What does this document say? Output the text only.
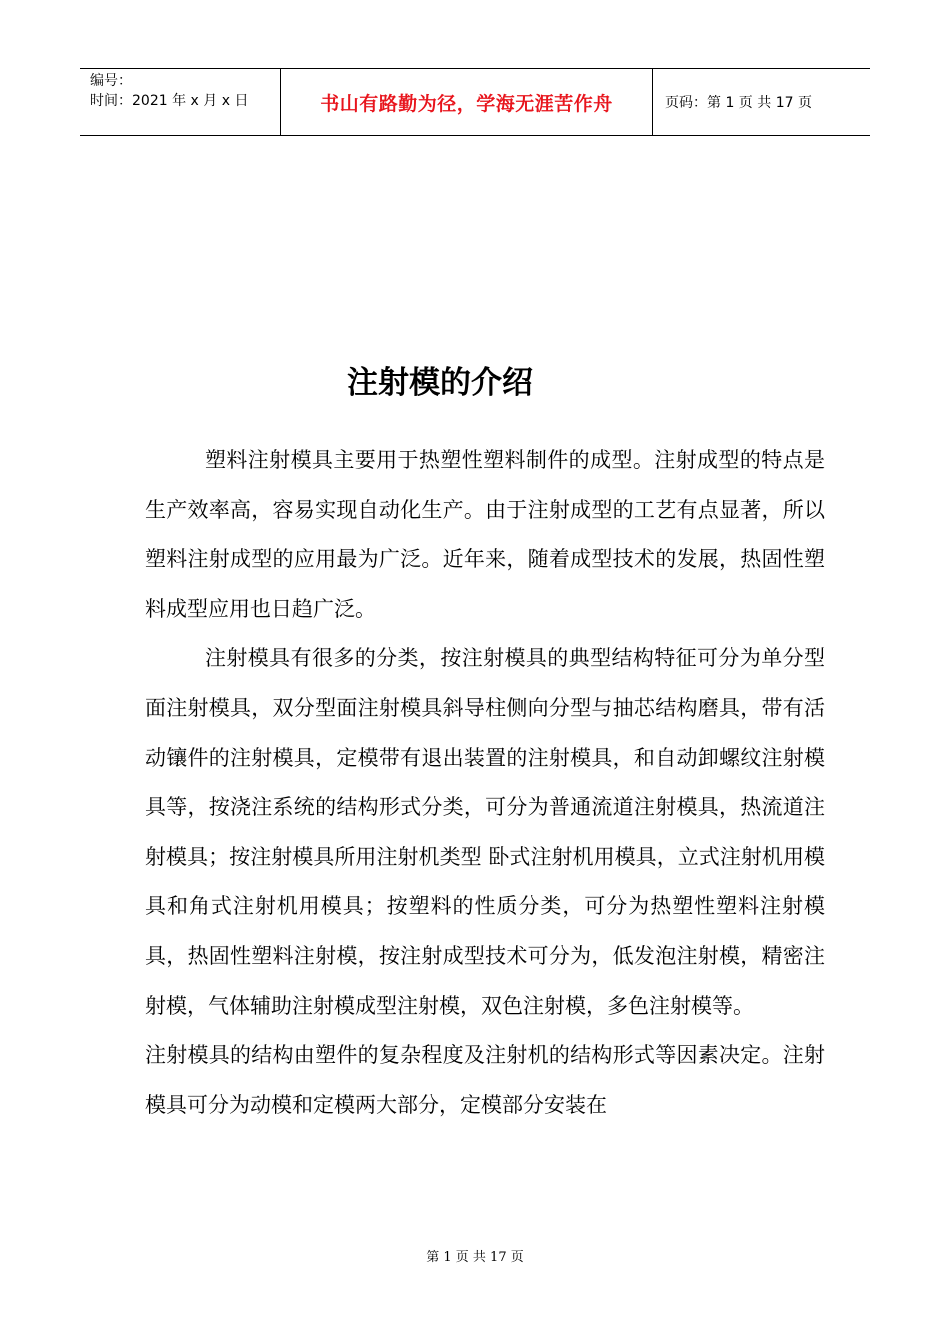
编号：
时间：2021 年 x 月 x 日	书山有路勤为径，学海无涯苦作舟	页码：第 1 页 共 17 页
注射模的介绍

塑料注射模具主要用于热塑性塑料制件的成型。注射成型的特点是生产效率高，容易实现自动化生产。由于注射成型的工艺有点显著，所以塑料注射成型的应用最为广泛。近年来，随着成型技术的发展，热固性塑料成型应用也日趋广泛。

注射模具有很多的分类，按注射模具的典型结构特征可分为单分型面注射模具，双分型面注射模具斜导柱侧向分型与抽芯结构磨具，带有活动镶件的注射模具，定模带有退出装置的注射模具，和自动卸螺纹注射模具等，按浇注系统的结构形式分类，可分为普通流道注射模具，热流道注射模具；按注射模具所用注射机类型 卧式注射机用模具，立式注射机用模具和角式注射机用模具；按塑料的性质分类，可分为热塑性塑料注射模具，热固性塑料注射模，按注射成型技术可分为，低发泡注射模，精密注射模，气体辅助注射模成型注射模，双色注射模，多色注射模等。

注射模具的结构由塑件的复杂程度及注射机的结构形式等因素决定。注射模具可分为动模和定模两大部分，定模部分安装在

第 1 页 共 17 页
